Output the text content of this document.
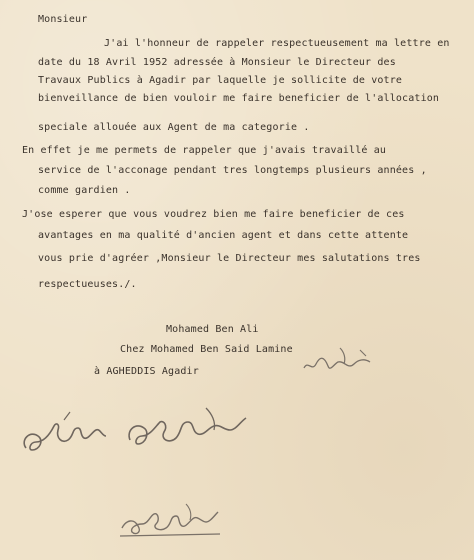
Monsieur
J'ai l'honneur de rappeler respectueusement ma lettre en
date du 18 Avril 1952 adressée à Monsieur le Directeur des
Travaux Publics à Agadir par laquelle je sollicite de votre
bienveillance de bien vouloir me faire beneficier de l'allocation
speciale allouée aux Agent de ma categorie .
En effet je me permets de rappeler que j'avais travaillé au
service de l'acconage pendant tres longtemps plusieurs années ,
comme gardien .
J'ose esperer que vous voudrez bien me faire beneficier de ces
avantages en ma qualité d'ancien agent et dans cette attente
vous prie d'agréer ,Monsieur le Directeur mes salutations tres
respectueuses./.
Mohamed Ben Ali
Chez Mohamed Ben Said Lamine
à AGHEDDIS Agadir
